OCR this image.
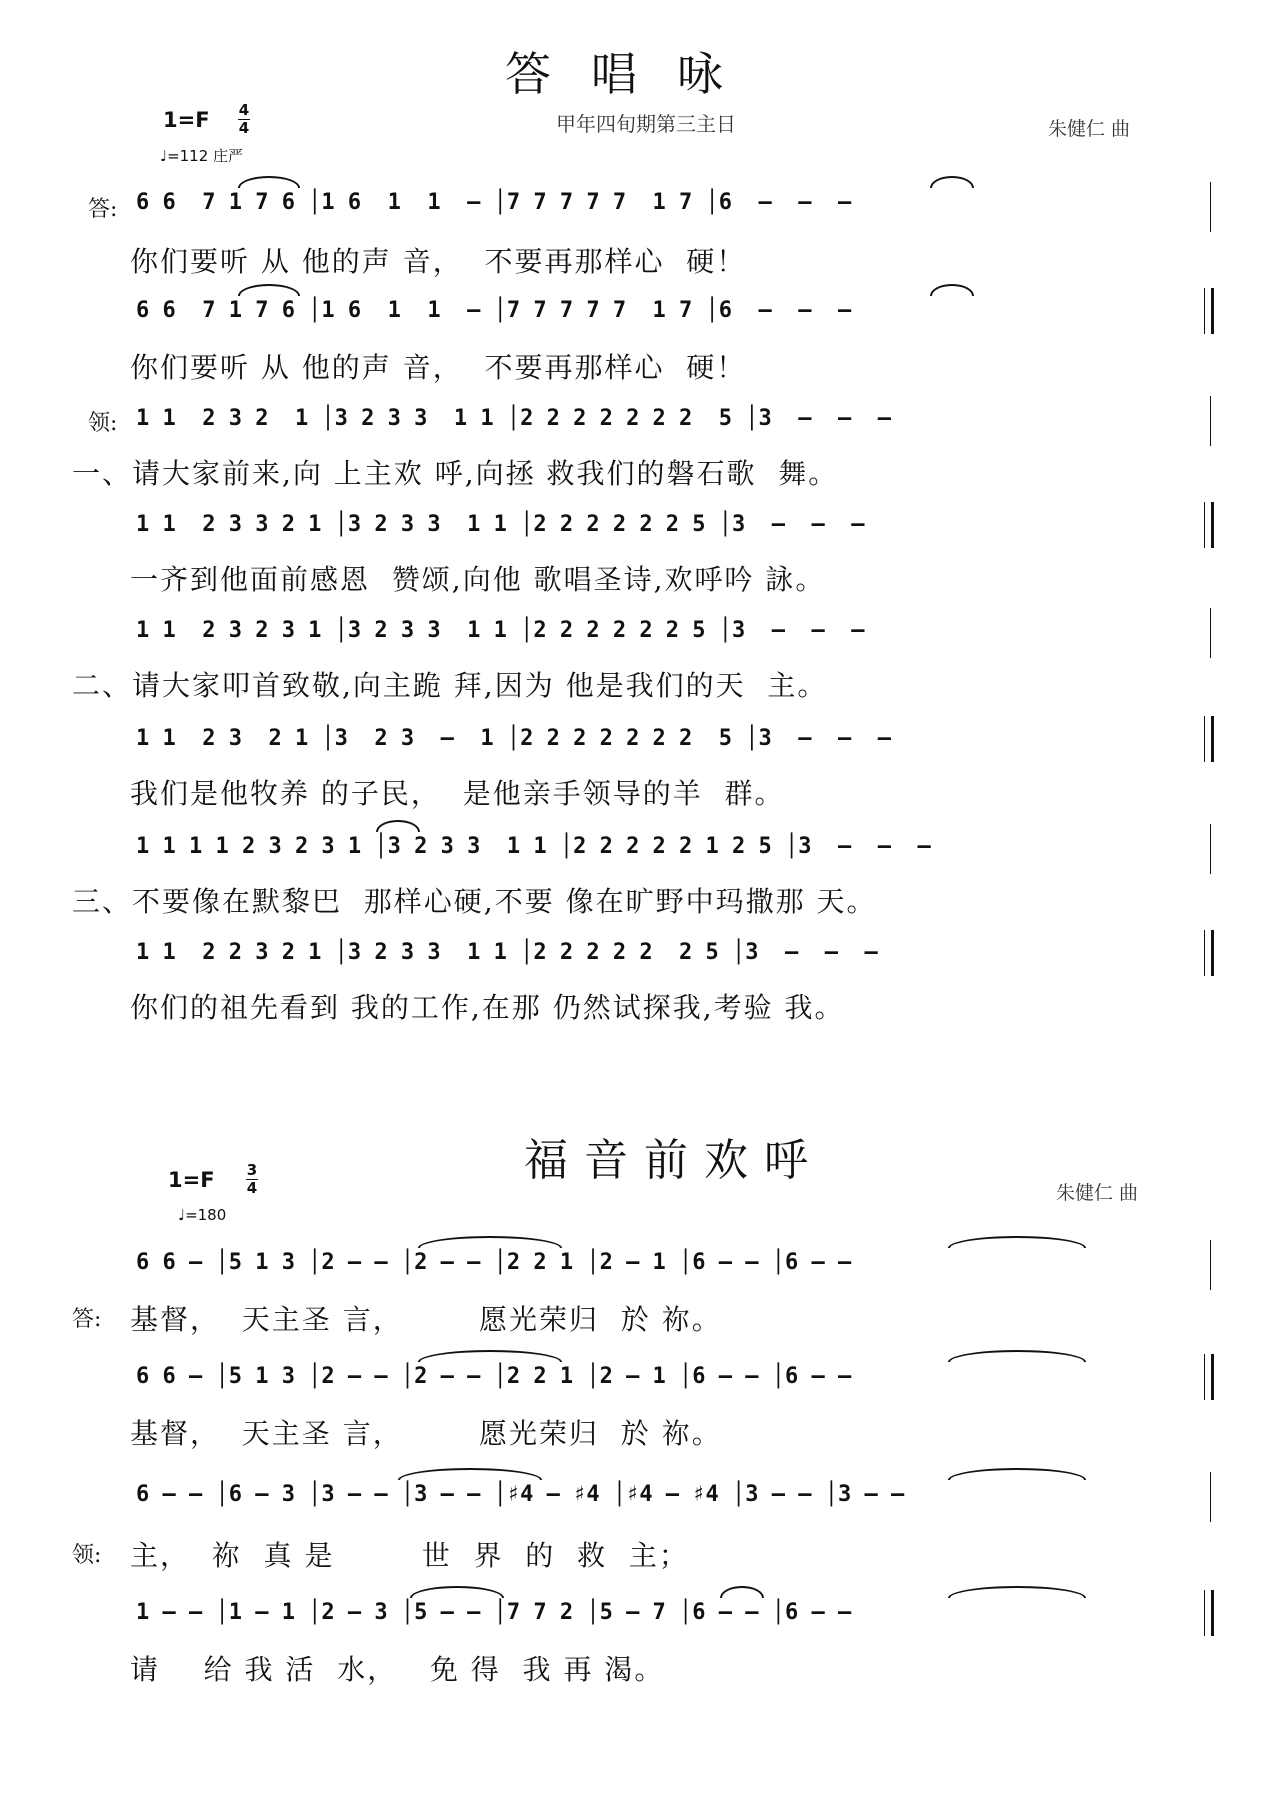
答唱咏
甲年四旬期第三主日	朱健仁 曲
1=F 4
4
♩=112 庄严
答:
领:
6 6  7 1 7 6 │1 6  1  1  – │7 7 7 7 7  1 7 │6  –  –  –
你们要听 从 他的声 音，  不要再那样心  硬！
6 6  7 1 7 6 │1 6  1  1  – │7 7 7 7 7  1 7 │6  –  –  –
你们要听 从 他的声 音，  不要再那样心  硬！
1 1  2 3 2  1 │3 2 3 3  1 1 │2 2 2 2 2 2 2  5 │3  –  –  –
一、请大家前来,向 上主欢 呼,向拯 救我们的磐石歌  舞。
1 1  2 3 3 2 1 │3 2 3 3  1 1 │2 2 2 2 2 2 5 │3  –  –  –
一齐到他面前感恩  赞颂,向他 歌唱圣诗,欢呼吟 詠。
1 1  2 3 2 3 1 │3 2 3 3  1 1 │2 2 2 2 2 2 5 │3  –  –  –
二、请大家叩首致敬,向主跪 拜,因为 他是我们的天  主。
1 1  2 3  2 1 │3  2 3  –  1 │2 2 2 2 2 2 2  5 │3  –  –  –
我们是他牧养 的子民，  是他亲手领导的羊  群。
1 1 1 1 2 3 2 3 1 │3 2 3 3  1 1 │2 2 2 2 2 1 2 5 │3  –  –  –
三、不要像在默黎巴  那样心硬,不要 像在旷野中玛撒那 天。
1 1  2 2 3 2 1 │3 2 3 3  1 1 │2 2 2 2 2  2 5 │3  –  –  –
你们的祖先看到 我的工作,在那 仍然试探我,考验 我。
福音前欢呼
朱健仁 曲
1=F 3
4
♩=180
答:
领:
6 6 – │5 1 3 │2 – – │2 – – │2 2 1 │2 – 1 │6 – – │6 – –
基督，  天主圣 言，       愿光荣归  於 祢。
6 6 – │5 1 3 │2 – – │2 – – │2 2 1 │2 – 1 │6 – – │6 – –
基督，  天主圣 言，       愿光荣归  於 祢。
6 – – │6 – 3 │3 – – │3 – – │♯4 – ♯4 │♯4 – ♯4 │3 – – │3 – –
主，  祢  真 是        世  界  的  救  主；
1 – – │1 – 1 │2 – 3 │5 – – │7 7 2 │5 – 7 │6 – – │6 – –
请    给 我 活  水，   免 得  我 再 渴。
